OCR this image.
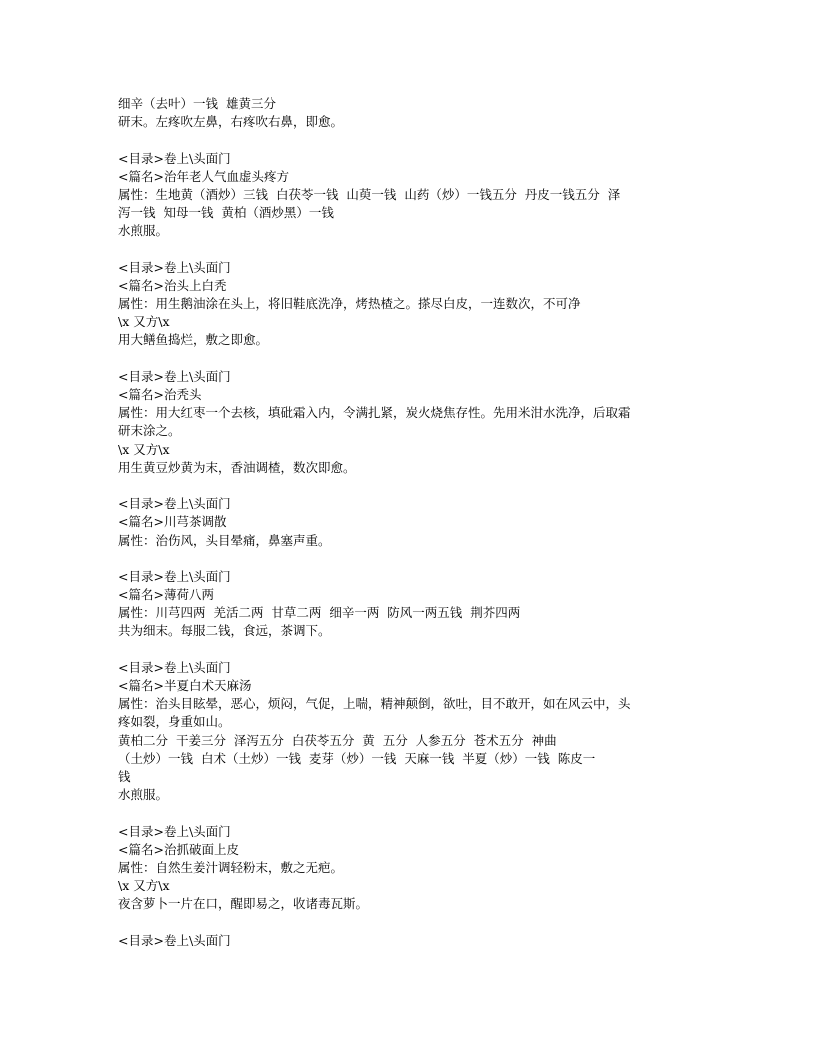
细辛（去叶）一钱  雄黄三分
研末。左疼吹左鼻，右疼吹右鼻，即愈。
<目录>卷上\头面门
<篇名>治年老人气血虚头疼方
属性：生地黄（酒炒）三钱  白茯苓一钱  山萸一钱  山药（炒）一钱五分  丹皮一钱五分  泽
泻一钱  知母一钱  黄柏（酒炒黑）一钱
水煎服。
<目录>卷上\头面门
<篇名>治头上白秃
属性：用生鹅油涂在头上，将旧鞋底洗净，烤热楂之。搽尽白皮，一连数次，不可净
\x 又方\x
用大鳝鱼捣烂，敷之即愈。
<目录>卷上\头面门
<篇名>治秃头
属性：用大红枣一个去核，填砒霜入内，令满扎紧，炭火烧焦存性。先用米泔水洗净，后取霜
研末涂之。
\x 又方\x
用生黄豆炒黄为末，香油调楂，数次即愈。
<目录>卷上\头面门
<篇名>川芎茶调散
属性：治伤风，头目晕痛，鼻塞声重。
<目录>卷上\头面门
<篇名>薄荷八两
属性：川芎四两  羌活二两  甘草二两  细辛一两  防风一两五钱  荆芥四两
共为细末。每服二钱，食远，茶调下。
<目录>卷上\头面门
<篇名>半夏白术天麻汤
属性：治头目眩晕，恶心，烦闷，气促，上喘，精神颠倒，欲吐，目不敢开，如在风云中，头
疼如裂，身重如山。
黄柏二分  干姜三分  泽泻五分  白茯苓五分  黄  五分  人参五分  苍术五分  神曲
（土炒）一钱  白术（土炒）一钱  麦芽（炒）一钱  天麻一钱  半夏（炒）一钱  陈皮一
钱
水煎服。
<目录>卷上\头面门
<篇名>治抓破面上皮
属性：自然生姜汁调轻粉末，敷之无疤。
\x 又方\x
夜含萝卜一片在口，醒即易之，收诸毒瓦斯。
<目录>卷上\头面门
